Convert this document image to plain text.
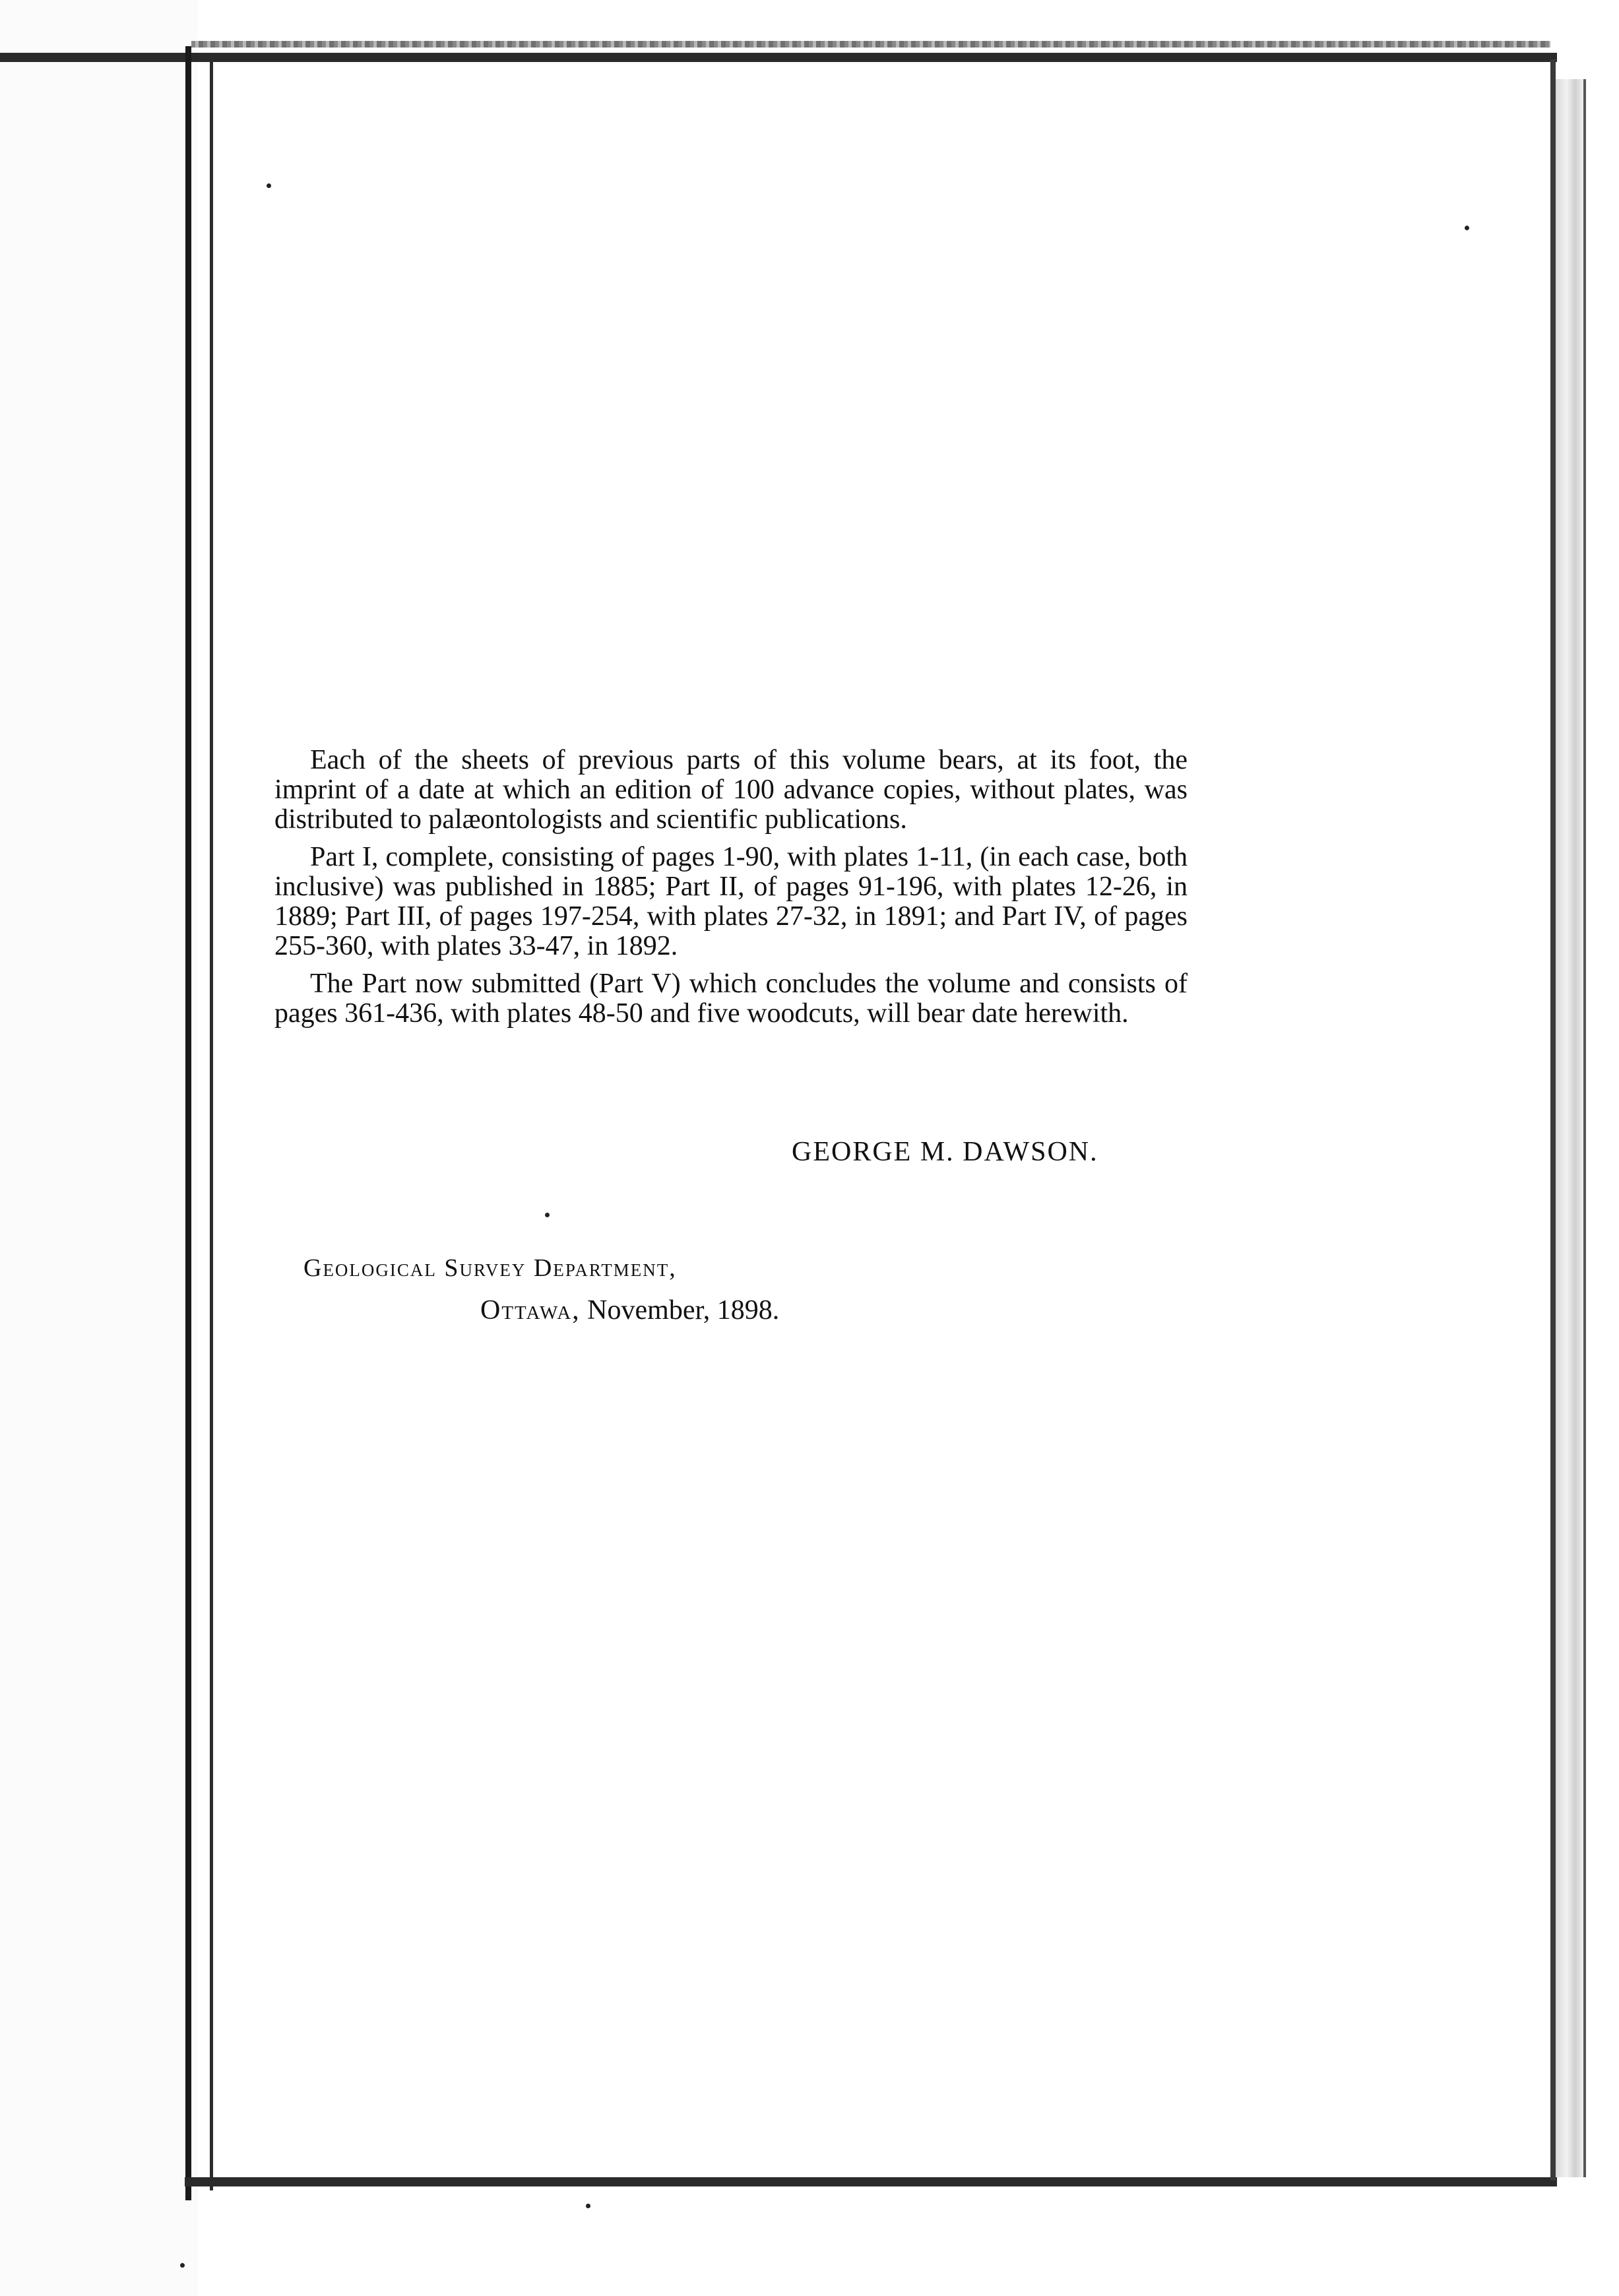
Each of the sheets of previous parts of this volume bears, at its foot, the imprint of a date at which an edition of 100 advance copies, without plates, was distributed to palæontologists and scientific publications.

Part I, complete, consisting of pages 1-90, with plates 1-11, (in each case, both inclusive) was published in 1885; Part II, of pages 91-196, with plates 12-26, in 1889; Part III, of pages 197-254, with plates 27-32, in 1891; and Part IV, of pages 255-360, with plates 33-47, in 1892.

The Part now submitted (Part V) which concludes the volume and consists of pages 361-436, with plates 48-50 and five woodcuts, will bear date herewith.

GEORGE M. DAWSON.
Geological Survey Department,
Ottawa, November, 1898.
